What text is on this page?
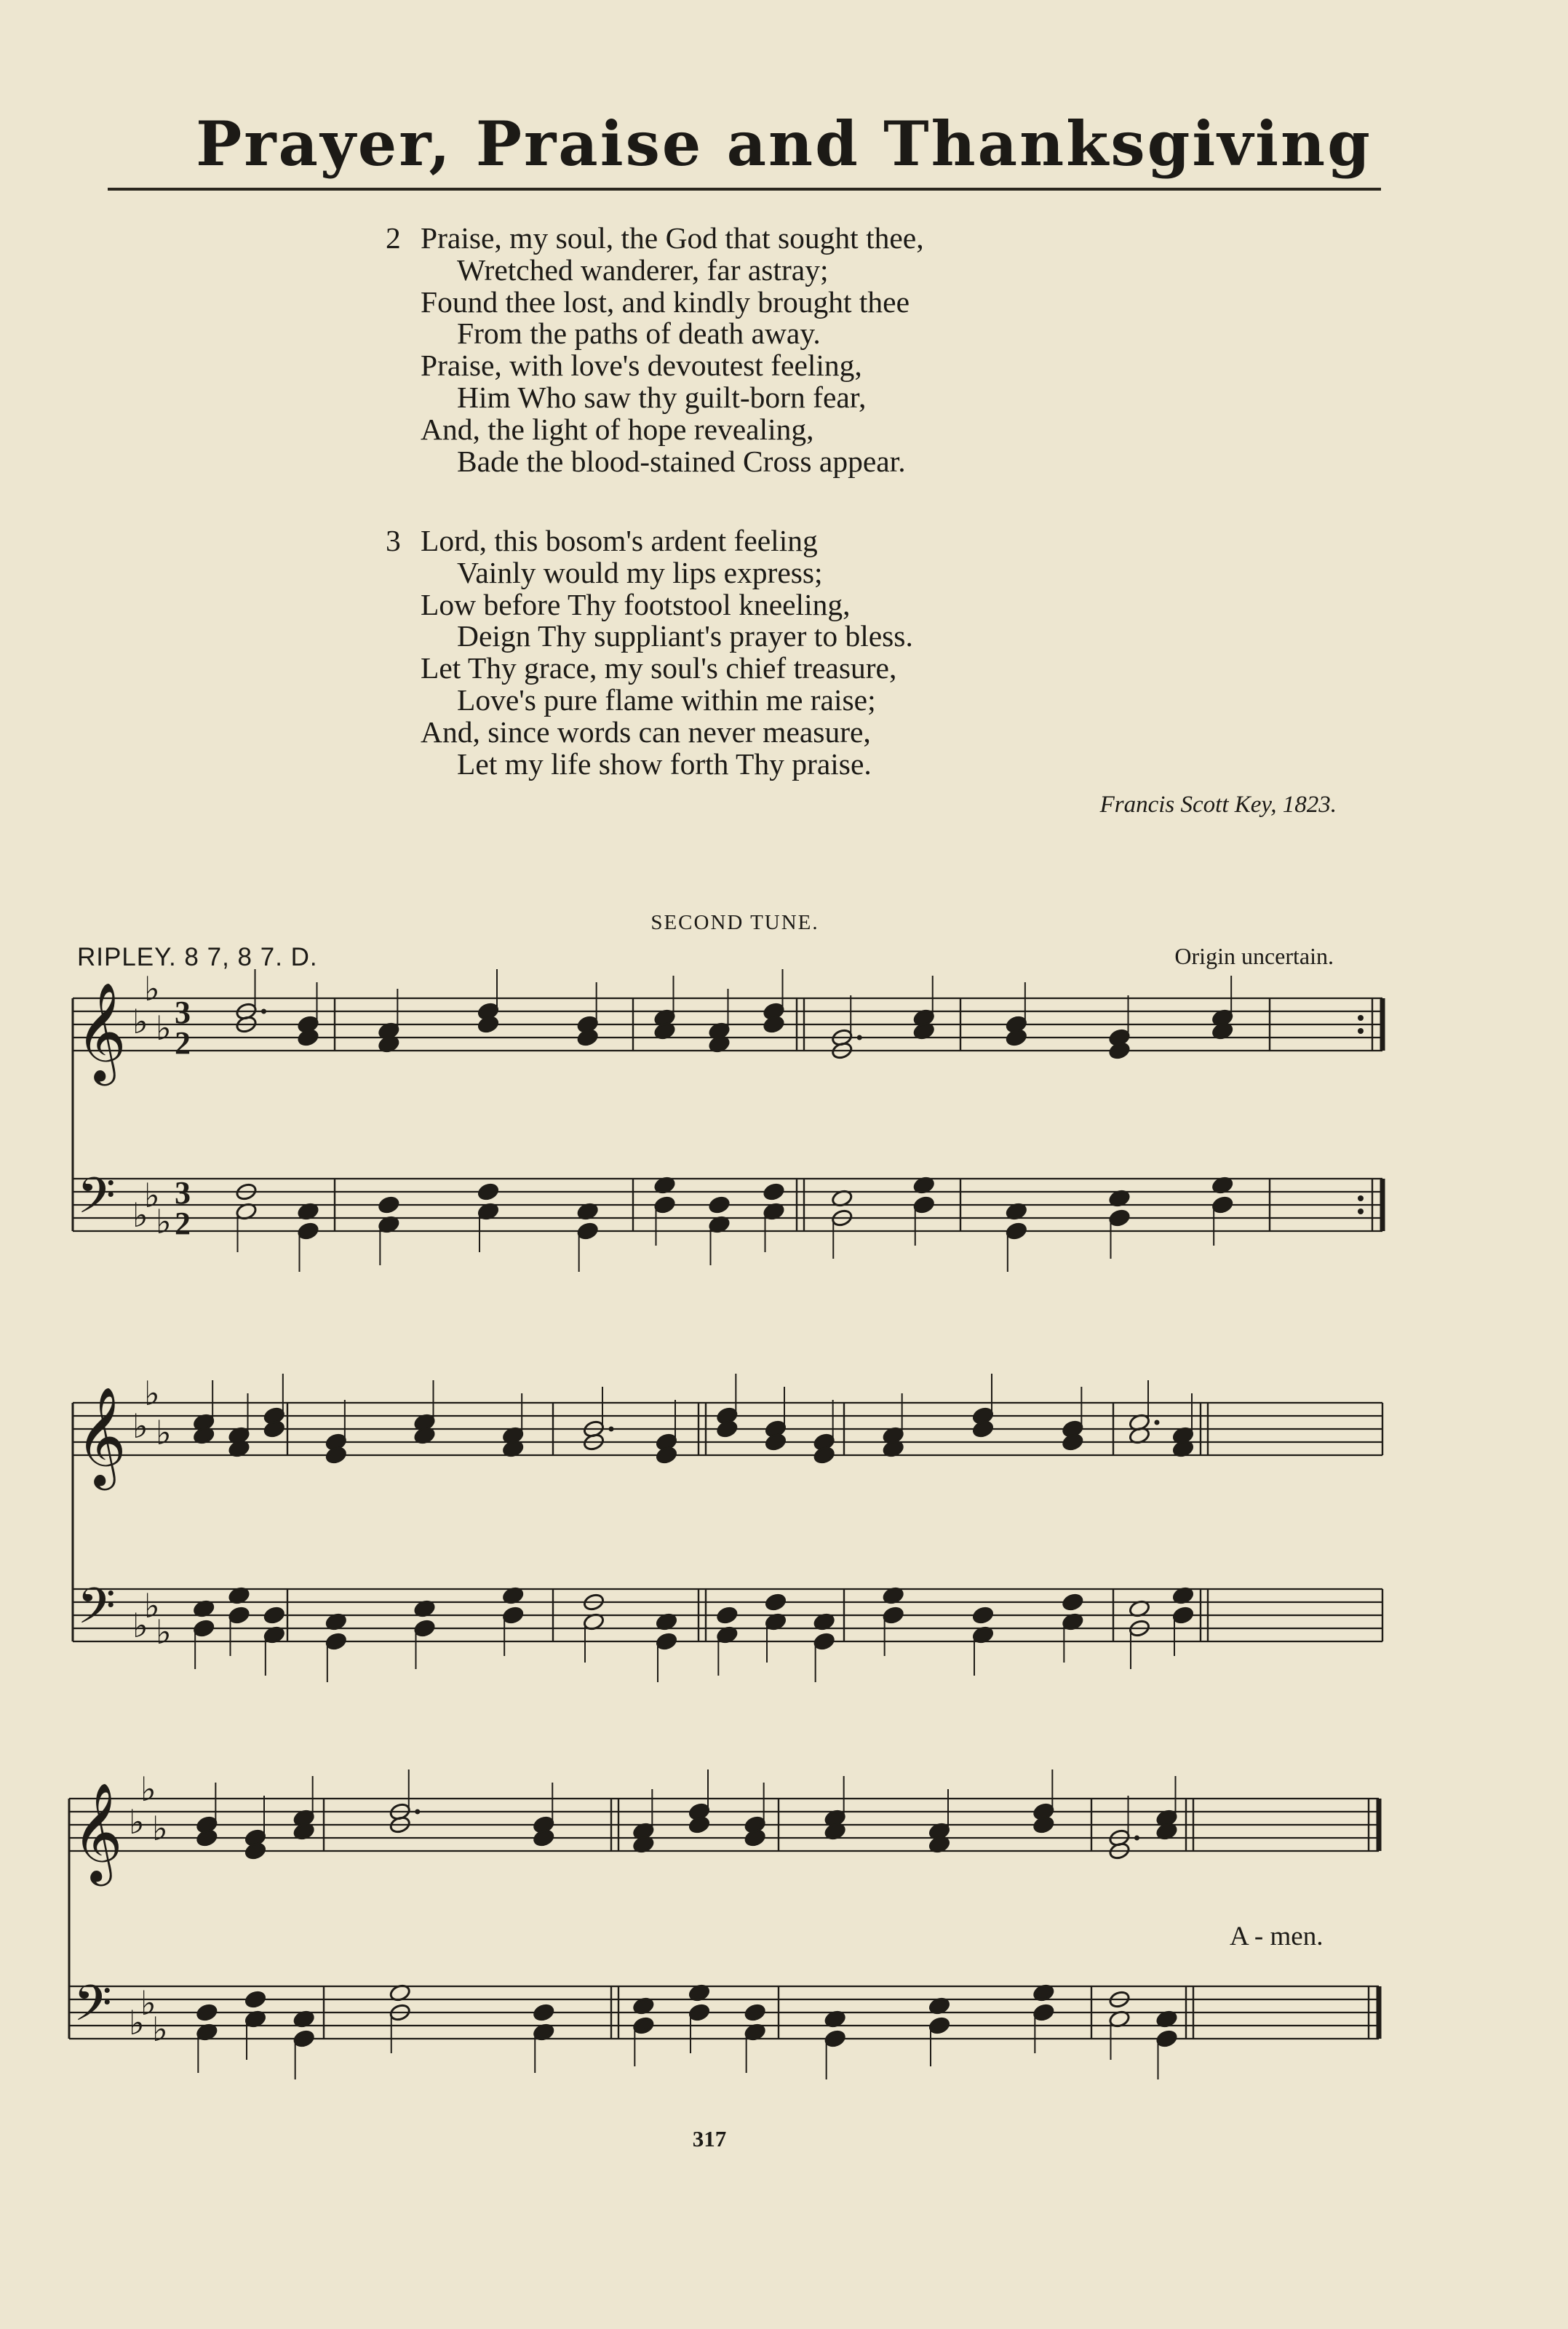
Prayer, Praise and Thanksgiving
2 Praise, my soul, the God that sought thee,
Wretched wanderer, far astray;
Found thee lost, and kindly brought thee
From the paths of death away.
Praise, with love's devoutest feeling,
Him Who saw thy guilt-born fear,
And, the light of hope revealing,
Bade the blood-stained Cross appear.
3 Lord, this bosom's ardent feeling
Vainly would my lips express;
Low before Thy footstool kneeling,
Deign Thy suppliant's prayer to bless.
Let Thy grace, my soul's chief treasure,
Love's pure flame within me raise;
And, since words can never measure,
Let my life show forth Thy praise.
Francis Scott Key, 1823.
SECOND TUNE.
RIPLEY. 8 7, 8 7. D.	Origin uncertain.
𝄞
𝄢
♭
♭
♭
♭
♭
♭
3
2
3
2
𝄞
𝄢
♭
♭
♭
♭
♭
♭
𝄞
𝄢
♭
♭
♭
♭
♭
♭
A - men.
317
